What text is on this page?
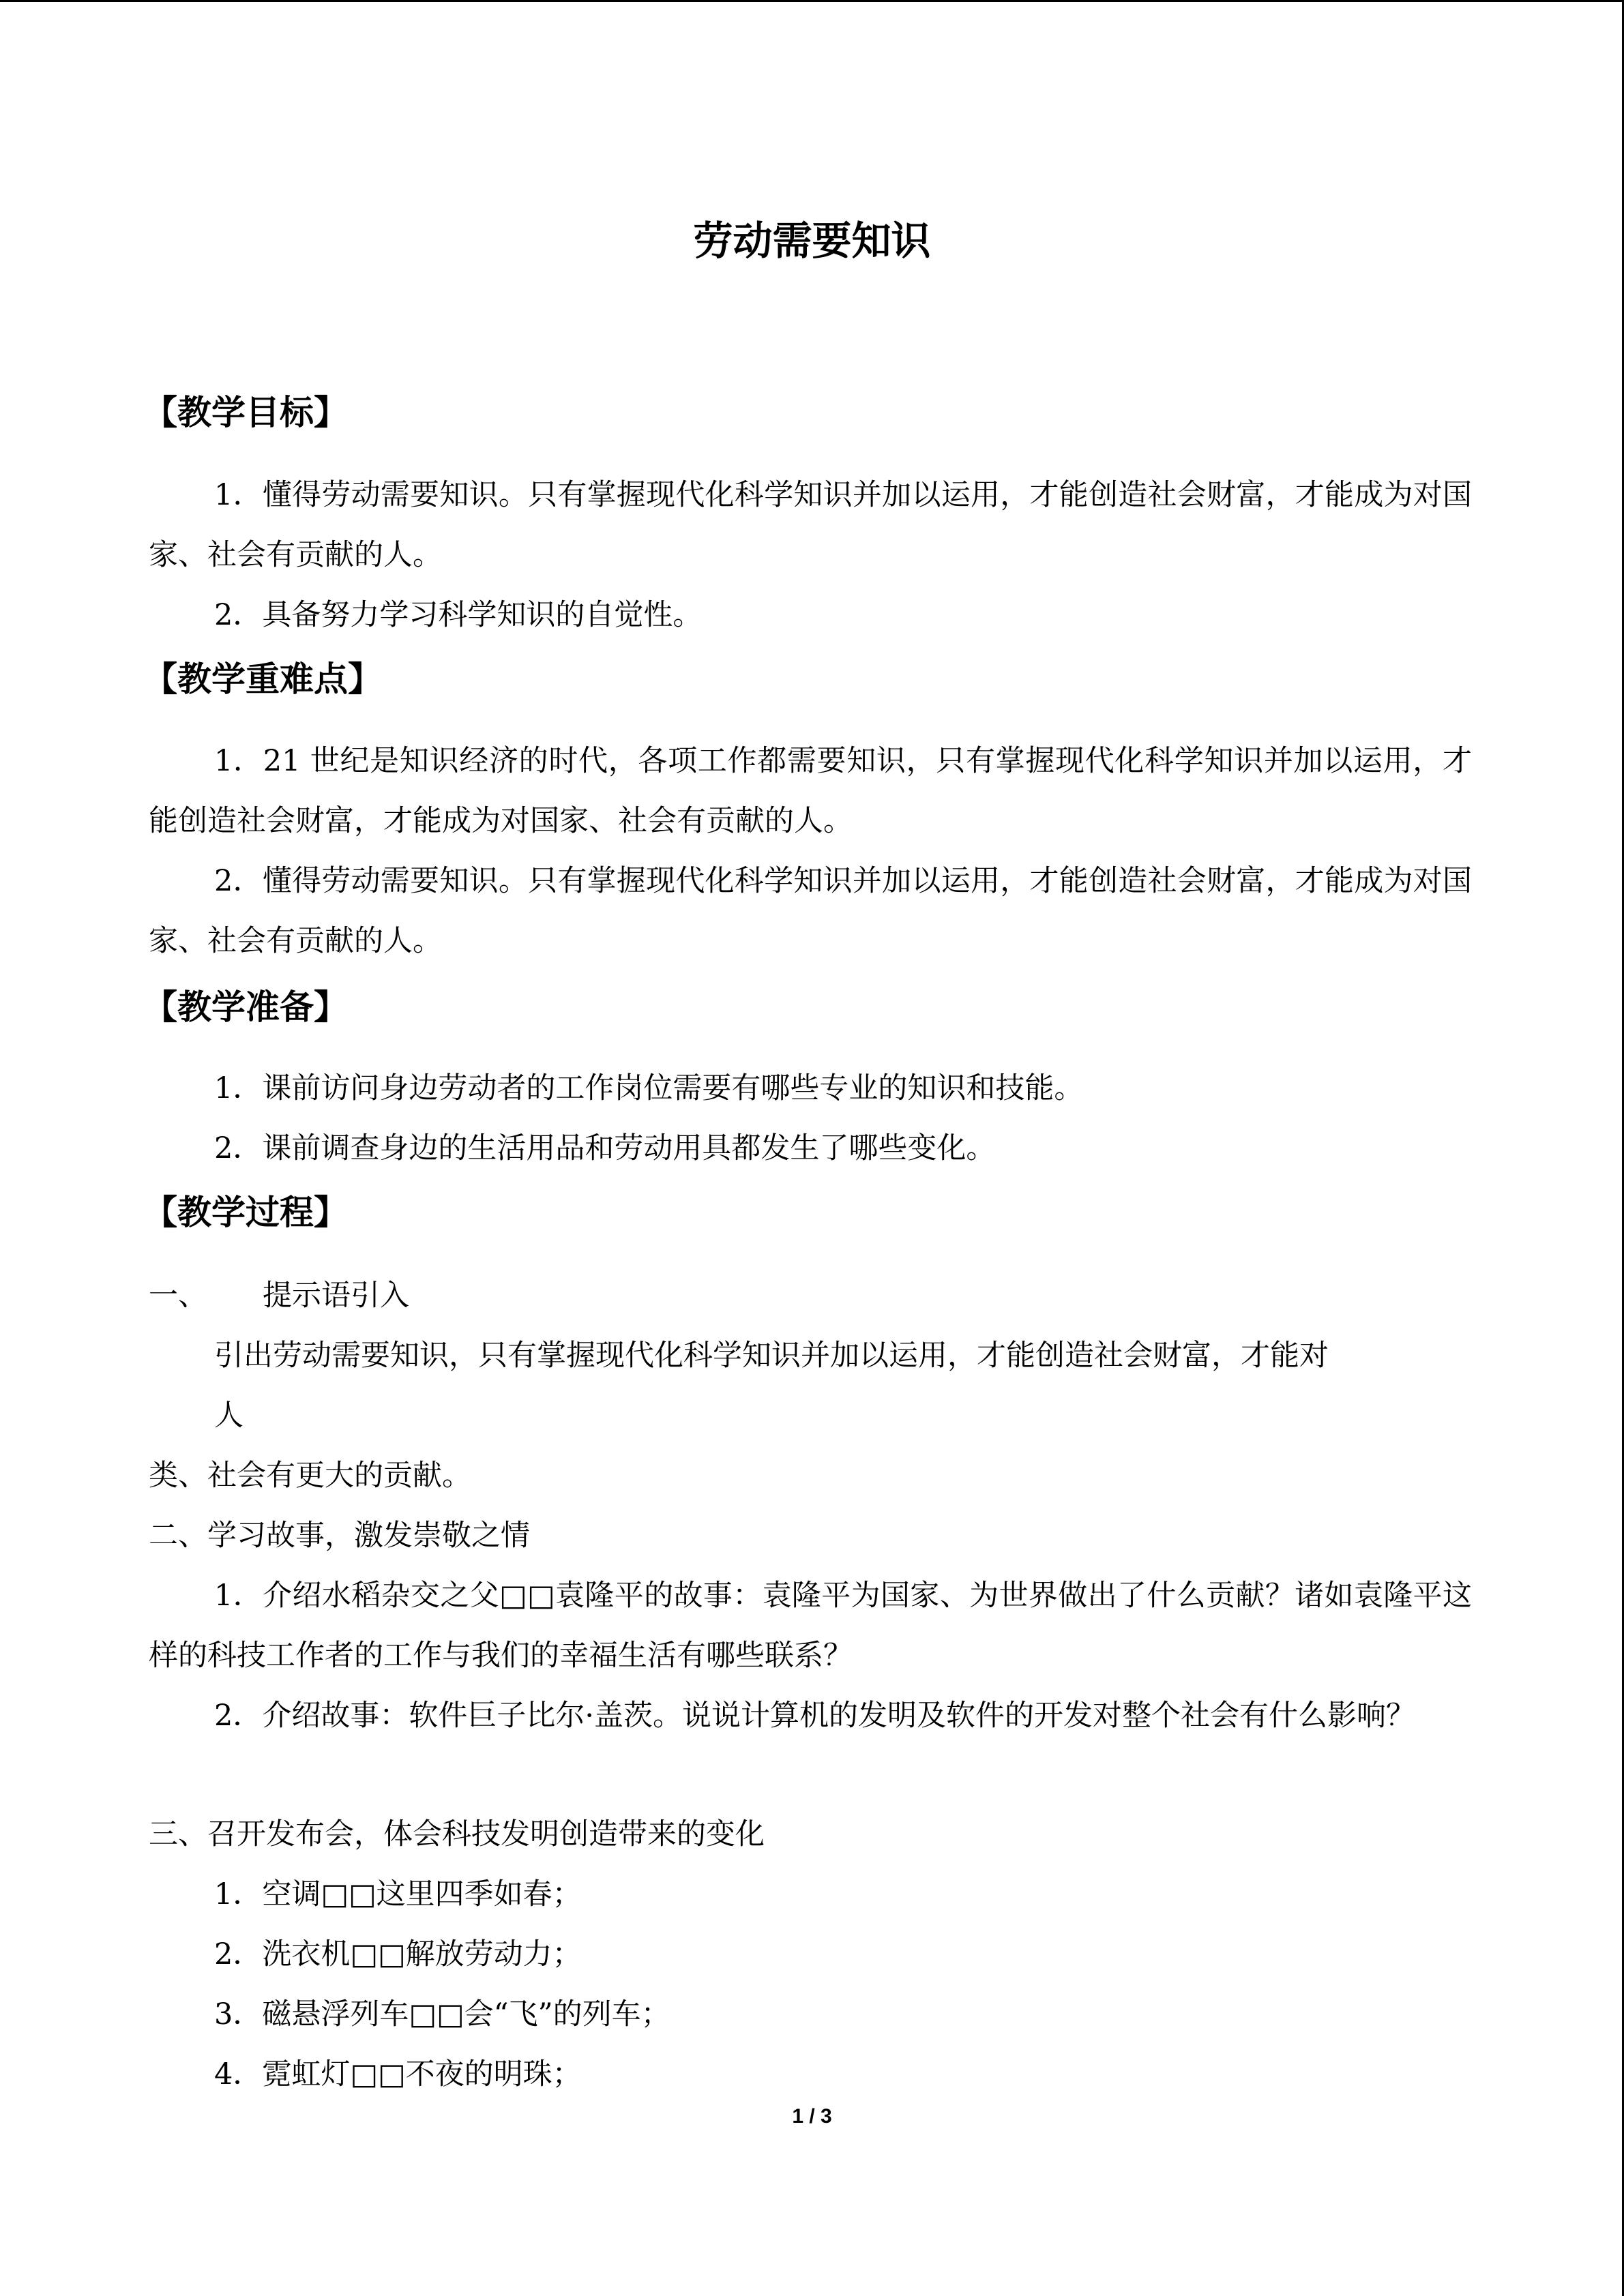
劳动需要知识
【教学目标】
1．懂得劳动需要知识。只有掌握现代化科学知识并加以运用，才能创造社会财富，才能成为对国家、社会有贡献的人。
2．具备努力学习科学知识的自觉性。
【教学重难点】
1．21 世纪是知识经济的时代，各项工作都需要知识，只有掌握现代化科学知识并加以运用，才能创造社会财富，才能成为对国家、社会有贡献的人。
2．懂得劳动需要知识。只有掌握现代化科学知识并加以运用，才能创造社会财富，才能成为对国家、社会有贡献的人。
【教学准备】
1．课前访问身边劳动者的工作岗位需要有哪些专业的知识和技能。
2．课前调查身边的生活用品和劳动用具都发生了哪些变化。
【教学过程】
一、 提示语引入
引出劳动需要知识，只有掌握现代化科学知识并加以运用，才能创造社会财富，才能对
人
类、社会有更大的贡献。
二、学习故事，激发崇敬之情
1．介绍水稻杂交之父□□袁隆平的故事：袁隆平为国家、为世界做出了什么贡献？诸如袁隆平这样的科技工作者的工作与我们的幸福生活有哪些联系？
2．介绍故事：软件巨子比尔·盖茨。说说计算机的发明及软件的开发对整个社会有什么影响？
三、召开发布会，体会科技发明创造带来的变化
1．空调□□这里四季如春；
2．洗衣机□□解放劳动力；
3．磁悬浮列车□□会“飞”的列车；
4．霓虹灯□□不夜的明珠；
1 / 3
